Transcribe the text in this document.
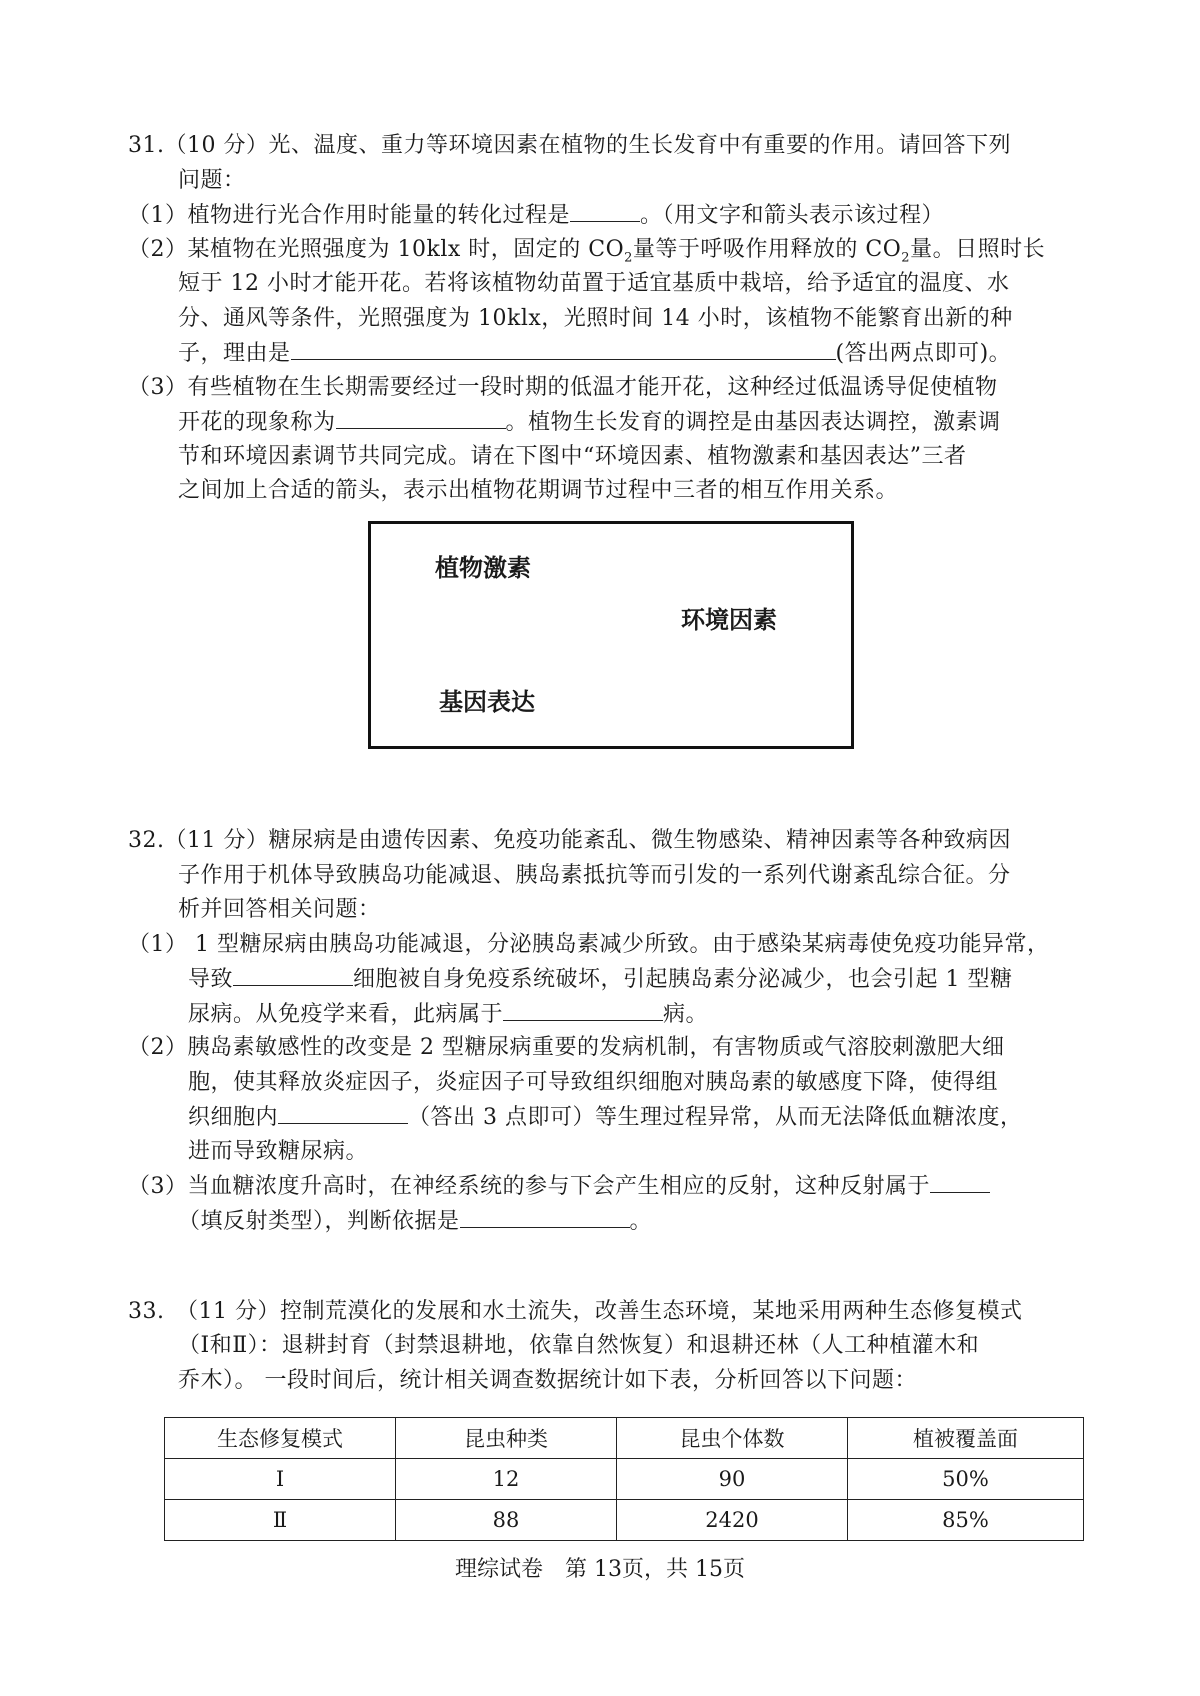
31.（10 分）光、温度、重力等环境因素在植物的生长发育中有重要的作用。请回答下列
问题：
（1）植物进行光合作用时能量的转化过程是	。（用文字和箭头表示该过程）
（2）某植物在光照强度为 10klx 时，固定的 $CO_2$量等于呼吸作用释放的 $CO_2$量。日照时长
短于 12 小时才能开花。若将该植物幼苗置于适宜基质中栽培，给予适宜的温度、水
分、通风等条件，光照强度为 10klx，光照时间 14 小时，该植物不能繁育出新的种
子，理由是	(答出两点即可)。
（3）有些植物在生长期需要经过一段时期的低温才能开花，这种经过低温诱导促使植物
开花的现象称为	。植物生长发育的调控是由基因表达调控，激素调
节和环境因素调节共同完成。请在下图中“环境因素、植物激素和基因表达”三者
之间加上合适的箭头，表示出植物花期调节过程中三者的相互作用关系。
植物激素
环境因素
基因表达
32.（11 分）糖尿病是由遗传因素、免疫功能紊乱、微生物感染、精神因素等各种致病因
子作用于机体导致胰岛功能减退、胰岛素抵抗等而引发的一系列代谢紊乱综合征。分
析并回答相关问题：
（1） 1 型糖尿病由胰岛功能减退，分泌胰岛素减少所致。由于感染某病毒使免疫功能异常，
导致	细胞被自身免疫系统破坏，引起胰岛素分泌减少，也会引起 1 型糖
尿病。从免疫学来看，此病属于	病。
（2）胰岛素敏感性的改变是 2 型糖尿病重要的发病机制，有害物质或气溶胶刺激肥大细
胞，使其释放炎症因子，炎症因子可导致组织细胞对胰岛素的敏感度下降，使得组
织细胞内	（答出 3 点即可）等生理过程异常，从而无法降低血糖浓度，
进而导致糖尿病。
（3）当血糖浓度升高时，在神经系统的参与下会产生相应的反射，这种反射属于
（填反射类型），判断依据是	。
33.　（11 分）控制荒漠化的发展和水土流失，改善生态环境，某地采用两种生态修复模式
（Ⅰ和Ⅱ）：退耕封育（封禁退耕地，依靠自然恢复）和退耕还林（人工种植灌木和
乔木）。 一段时间后，统计相关调查数据统计如下表，分析回答以下问题：
生态修复模式	昆虫种类	昆虫个体数	植被覆盖面
Ⅰ	12	90	50%
Ⅱ	88	2420	85%
理综试卷　第 13页，共 15页
